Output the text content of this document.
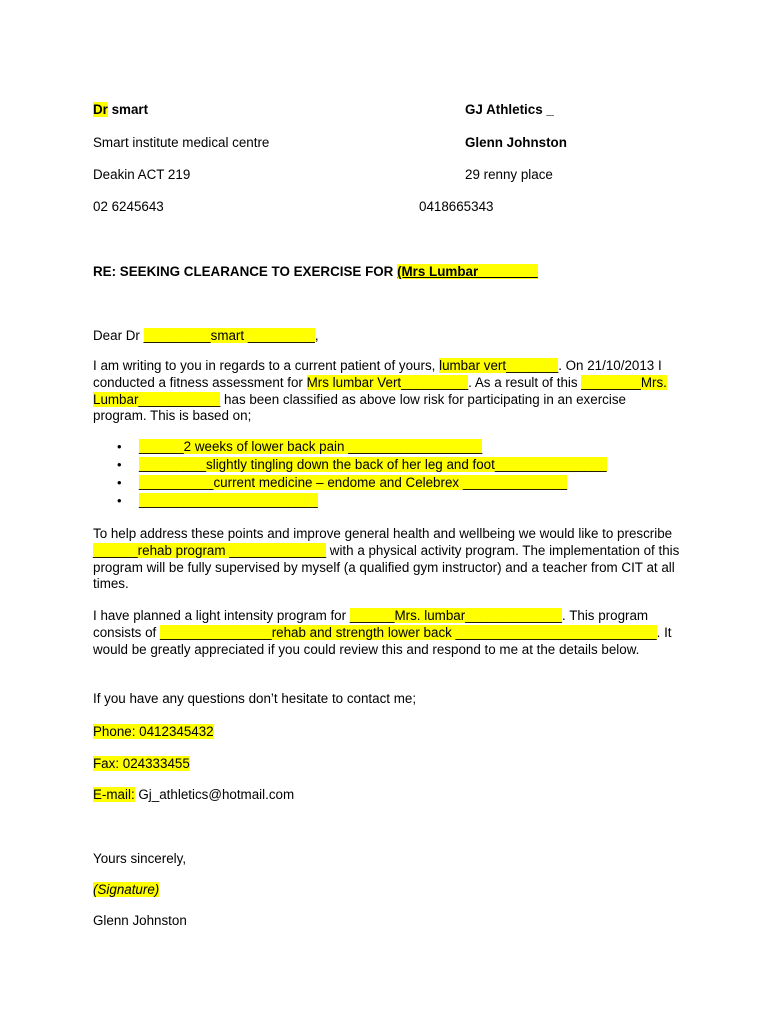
Dr smart
Smart institute medical centre
Deakin ACT 219
02 6245643
GJ Athletics _
Glenn Johnston
29 renny place
0418665343
RE: SEEKING CLEARANCE TO EXERCISE FOR (Mrs Lumbar________
Dear Dr _________smart _________,
I am writing to you in regards to a current patient of yours, lumbar vert_______. On 21/10/2013 I conducted a fitness assessment for Mrs lumbar Vert_________. As a result of this ________Mrs. Lumbar___________ has been classified as above low risk for participating in an exercise program. This is based on;
• ______2 weeks of lower back pain __________________
• _________slightly tingling down the back of her leg and foot_______________
• __________current medicine – endome and Celebrex ______________
• ________________________
To help address these points and improve general health and wellbeing we would like to prescribe ______rehab program _____________ with a physical activity program. The implementation of this program will be fully supervised by myself (a qualified gym instructor) and a teacher from CIT at all times.
I have planned a light intensity program for ______Mrs. lumbar_____________. This program consists of _______________rehab and strength lower back ___________________________. It would be greatly appreciated if you could review this and respond to me at the details below.
If you have any questions don’t hesitate to contact me;
Phone: 0412345432
Fax: 024333455
E-mail: Gj_athletics@hotmail.com
Yours sincerely,
(Signature)
Glenn Johnston
